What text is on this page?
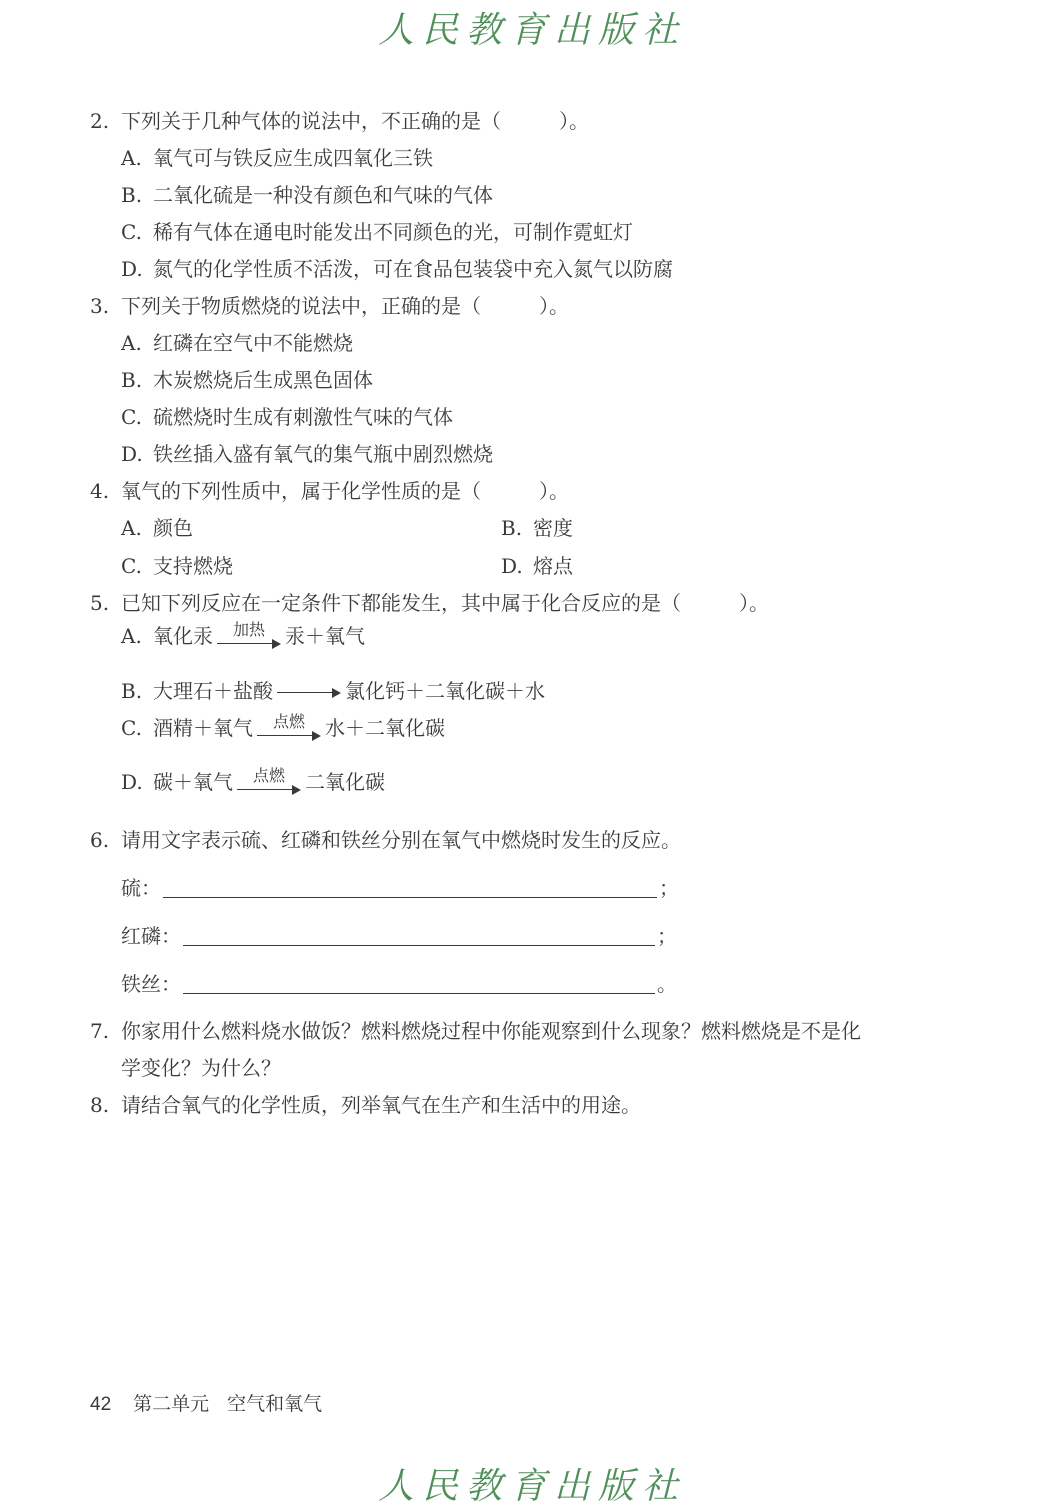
人民教育出版社
2. 下列关于几种气体的说法中，不正确的是（	）。
A. 氧气可与铁反应生成四氧化三铁
B. 二氧化硫是一种没有颜色和气味的气体
C. 稀有气体在通电时能发出不同颜色的光，可制作霓虹灯
D. 氮气的化学性质不活泼，可在食品包装袋中充入氮气以防腐
3. 下列关于物质燃烧的说法中，正确的是（	）。
A. 红磷在空气中不能燃烧
B. 木炭燃烧后生成黑色固体
C. 硫燃烧时生成有刺激性气味的气体
D. 铁丝插入盛有氧气的集气瓶中剧烈燃烧
4. 氧气的下列性质中，属于化学性质的是（	）。
A. 颜色	B. 密度
C. 支持燃烧	D. 熔点
5. 已知下列反应在一定条件下都能发生，其中属于化合反应的是（	）。
A. 氧化汞 加热 汞＋氧气
B. 大理石＋盐酸	氯化钙＋二氧化碳＋水
C. 酒精＋氧气 点燃 水＋二氧化碳
D. 碳＋氧气 点燃 二氧化碳
6. 请用文字表示硫、红磷和铁丝分别在氧气中燃烧时发生的反应。
硫：	；
红磷：	；
铁丝：	。
7. 你家用什么燃料烧水做饭？燃料燃烧过程中你能观察到什么现象？燃料燃烧是不是化
学变化？为什么？
8. 请结合氧气的化学性质，列举氧气在生产和生活中的用途。
42 第二单元 空气和氧气
人民教育出版社
